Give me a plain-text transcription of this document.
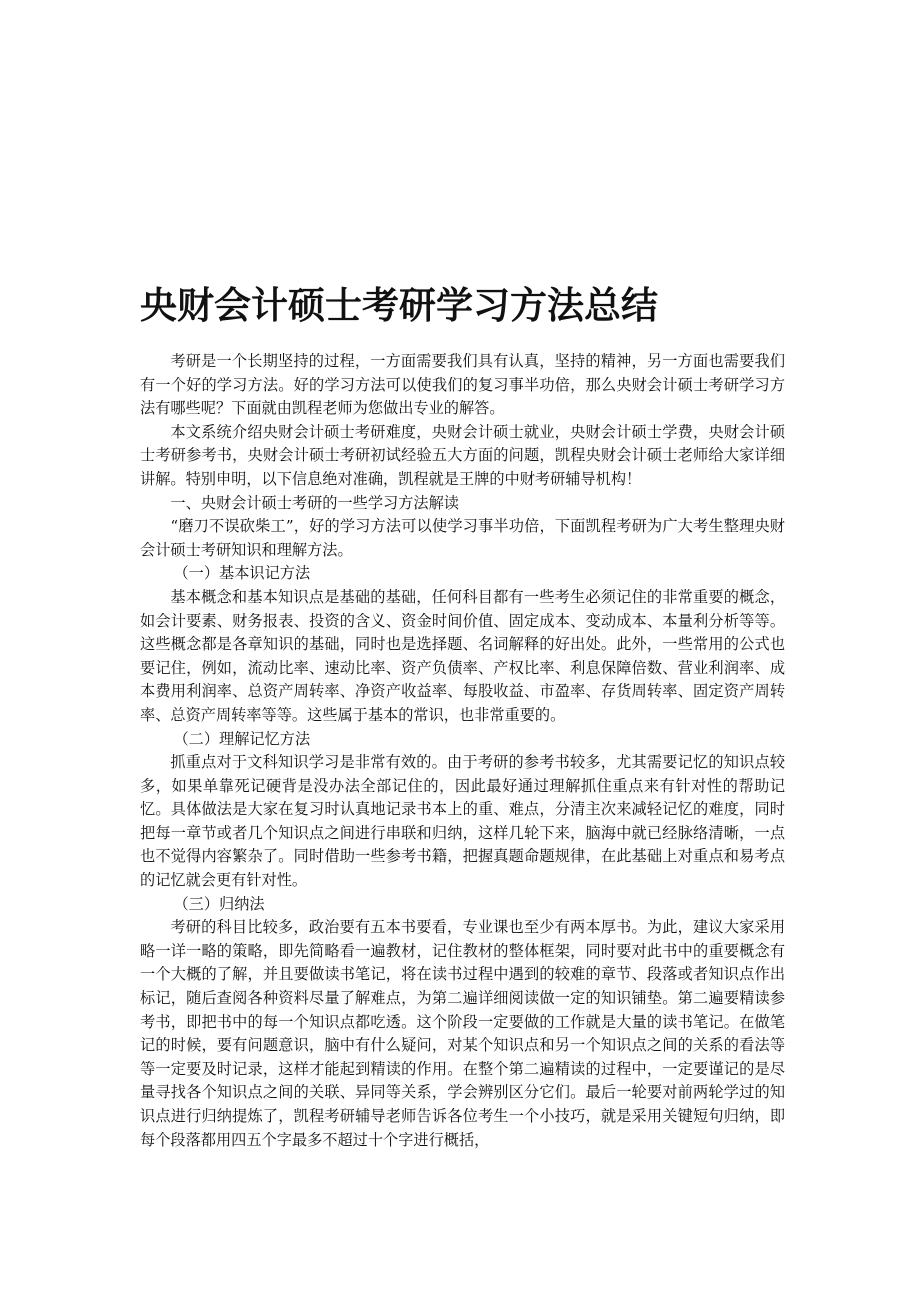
央财会计硕士考研学习方法总结

考研是一个长期坚持的过程，一方面需要我们具有认真，坚持的精神，另一方面也需要我们有一个好的学习方法。好的学习方法可以使我们的复习事半功倍，那么央财会计硕士考研学习方法有哪些呢？下面就由凯程老师为您做出专业的解答。

本文系统介绍央财会计硕士考研难度，央财会计硕士就业，央财会计硕士学费，央财会计硕士考研参考书，央财会计硕士考研初试经验五大方面的问题，凯程央财会计硕士老师给大家详细讲解。特别申明，以下信息绝对准确，凯程就是王牌的中财考研辅导机构！

一、央财会计硕士考研的一些学习方法解读

“磨刀不误砍柴工”，好的学习方法可以使学习事半功倍，下面凯程考研为广大考生整理央财会计硕士考研知识和理解方法。

（一）基本识记方法

基本概念和基本知识点是基础的基础，任何科目都有一些考生必须记住的非常重要的概念，如会计要素、财务报表、投资的含义、资金时间价值、固定成本、变动成本、本量利分析等等。这些概念都是各章知识的基础，同时也是选择题、名词解释的好出处。此外，一些常用的公式也要记住，例如，流动比率、速动比率、资产负债率、产权比率、利息保障倍数、营业利润率、成本费用利润率、总资产周转率、净资产收益率、每股收益、市盈率、存货周转率、固定资产周转率、总资产周转率等等。这些属于基本的常识，也非常重要的。

（二）理解记忆方法

抓重点对于文科知识学习是非常有效的。由于考研的参考书较多，尤其需要记忆的知识点较多，如果单靠死记硬背是没办法全部记住的，因此最好通过理解抓住重点来有针对性的帮助记忆。具体做法是大家在复习时认真地记录书本上的重、难点，分清主次来减轻记忆的难度，同时把每一章节或者几个知识点之间进行串联和归纳，这样几轮下来，脑海中就已经脉络清晰，一点也不觉得内容繁杂了。同时借助一些参考书籍，把握真题命题规律，在此基础上对重点和易考点的记忆就会更有针对性。

（三）归纳法

考研的科目比较多，政治要有五本书要看，专业课也至少有两本厚书。为此，建议大家采用略一详一略的策略，即先简略看一遍教材，记住教材的整体框架，同时要对此书中的重要概念有一个大概的了解，并且要做读书笔记，将在读书过程中遇到的较难的章节、段落或者知识点作出标记，随后查阅各种资料尽量了解难点，为第二遍详细阅读做一定的知识铺垫。第二遍要精读参考书，即把书中的每一个知识点都吃透。这个阶段一定要做的工作就是大量的读书笔记。在做笔记的时候，要有问题意识，脑中有什么疑问，对某个知识点和另一个知识点之间的关系的看法等等一定要及时记录，这样才能起到精读的作用。在整个第二遍精读的过程中，一定要谨记的是尽量寻找各个知识点之间的关联、异同等关系，学会辨别区分它们。最后一轮要对前两轮学过的知识点进行归纳提炼了，凯程考研辅导老师告诉各位考生一个小技巧，就是采用关键短句归纳，即每个段落都用四五个字最多不超过十个字进行概括，
